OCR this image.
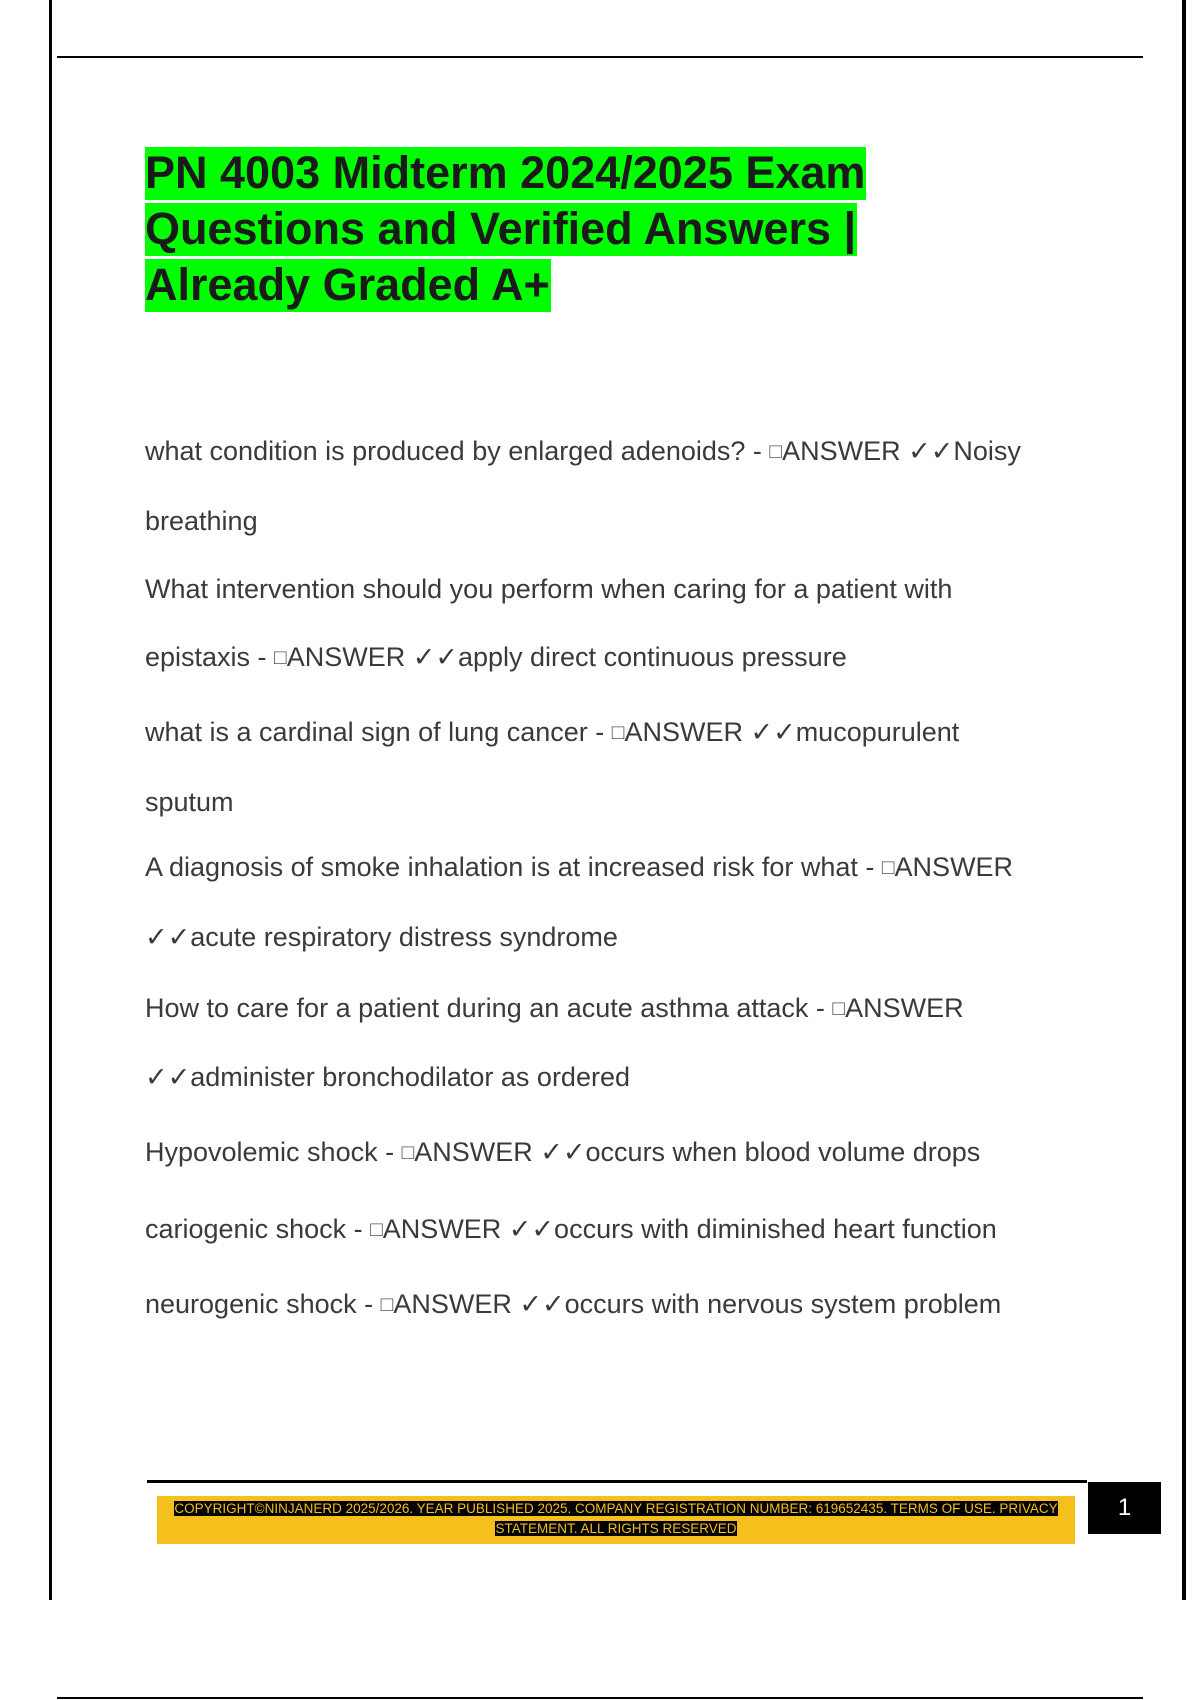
PN 4003 Midterm 2024/2025 Exam

Questions and Verified Answers |

Already Graded A+

what condition is produced by enlarged adenoids? - □ANSWER ✓✓Noisy
breathing
What intervention should you perform when caring for a patient with
epistaxis - □ANSWER ✓✓apply direct continuous pressure
what is a cardinal sign of lung cancer - □ANSWER ✓✓mucopurulent
sputum
A diagnosis of smoke inhalation is at increased risk for what - □ANSWER
✓✓acute respiratory distress syndrome
How to care for a patient during an acute asthma attack - □ANSWER
✓✓administer bronchodilator as ordered
Hypovolemic shock - □ANSWER ✓✓occurs when blood volume drops
cariogenic shock - □ANSWER ✓✓occurs with diminished heart function
neurogenic shock - □ANSWER ✓✓occurs with nervous system problem
COPYRIGHT©NINJANERD 2025/2026. YEAR PUBLISHED 2025. COMPANY REGISTRATION NUMBER: 619652435. TERMS OF USE. PRIVACY
STATEMENT. ALL RIGHTS RESERVED
1
